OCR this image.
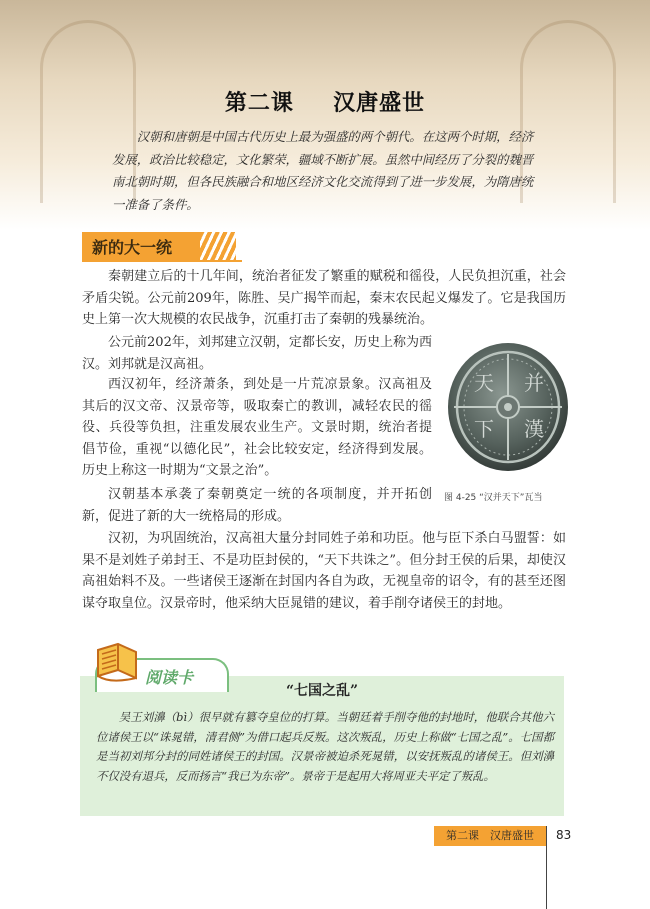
第二课 汉唐盛世
汉朝和唐朝是中国古代历史上最为强盛的两个朝代。在这两个时期，经济发展，政治比较稳定，文化繁荣，疆域不断扩展。虽然中间经历了分裂的魏晋南北朝时期，但各民族融合和地区经济文化交流得到了进一步发展，为隋唐统一准备了条件。
新的大一统
秦朝建立后的十几年间，统治者征发了繁重的赋税和徭役，人民负担沉重，社会矛盾尖锐。公元前209年，陈胜、吴广揭竿而起，秦末农民起义爆发了。它是我国历史上第一次大规模的农民战争，沉重打击了秦朝的残暴统治。
公元前202年，刘邦建立汉朝，定都长安，历史上称为西汉。刘邦就是汉高祖。
西汉初年，经济萧条，到处是一片荒凉景象。汉高祖及其后的汉文帝、汉景帝等，吸取秦亡的教训，减轻农民的徭役、兵役等负担，注重发展农业生产。文景时期，统治者提倡节俭，重视“以德化民”，社会比较安定，经济得到发展。历史上称这一时期为“文景之治”。
汉朝基本承袭了秦朝奠定一统的各项制度，并开拓创新，促进了新的大一统格局的形成。
汉初，为巩固统治，汉高祖大量分封同姓子弟和功臣。他与臣下杀白马盟誓：如果不是刘姓子弟封王、不是功臣封侯的，“天下共诛之”。但分封王侯的后果，却使汉高祖始料不及。一些诸侯王逐渐在封国内各自为政，无视皇帝的诏令，有的甚至还图谋夺取皇位。汉景帝时，他采纳大臣晁错的建议，着手削夺诸侯王的封地。
并
天
下 漢
图 4-25 “汉并天下”瓦当
阅读卡
“七国之乱”
吴王刘濞（bì）很早就有篡夺皇位的打算。当朝廷着手削夺他的封地时，他联合其他六位诸侯王以“诛晁错，清君侧”为借口起兵反叛。这次叛乱，历史上称做“七国之乱”。七国都是当初刘邦分封的同姓诸侯王的封国。汉景帝被迫杀死晁错，以安抚叛乱的诸侯王。但刘濞不仅没有退兵，反而扬言“我已为东帝”。景帝于是起用大将周亚夫平定了叛乱。
第二课　汉唐盛世	83
